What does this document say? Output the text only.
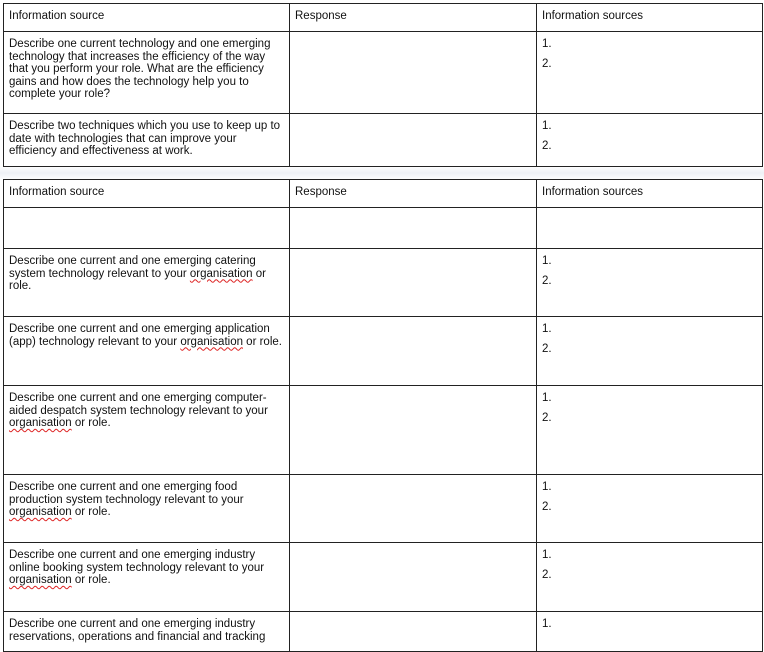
Information source	Response	Information sources
Describe one current technology and one emerging technology that increases the efficiency of the way that you perform your role. What are the efficiency gains and how does the technology help you to complete your role?		1.
2.

Describe two techniques which you use to keep up to date with technologies that can improve your efficiency and effectiveness at work.		1.
2.
Information source	Response	Information sources

Describe one current and one emerging catering system technology relevant to your organisation or role.		1.
2.

Describe one current and one emerging application (app) technology relevant to your organisation or role.		1.
2.

Describe one current and one emerging computer-aided despatch system technology relevant to your organisation or role.		1.
2.

Describe one current and one emerging food production system technology relevant to your organisation or role.		1.
2.

Describe one current and one emerging industry online booking system technology relevant to your organisation or role.		1.
2.

Describe one current and one emerging industry reservations, operations and financial and tracking		1.
